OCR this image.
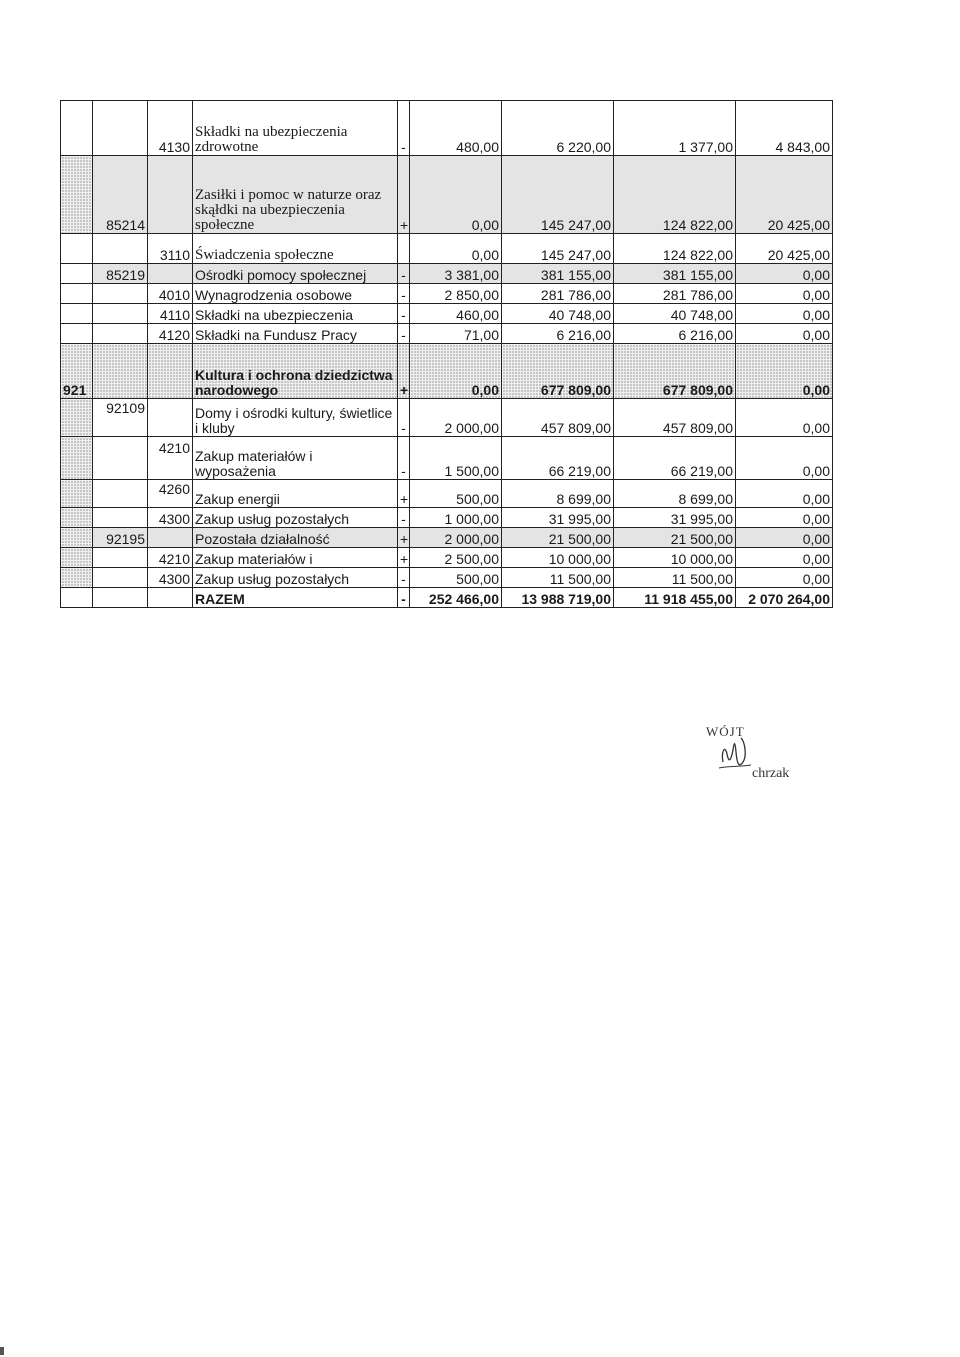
		4130	Składki na ubezpieczenia zdrowotne	-	480,00	6 220,00	1 377,00	4 843,00
	85214		Zasiłki i pomoc w naturze oraz skąłdki na ubezpieczenia społeczne	+	0,00	145 247,00	124 822,00	20 425,00
		3110	Świadczenia społeczne		0,00	145 247,00	124 822,00	20 425,00
	85219		Ośrodki pomocy społecznej	-	3 381,00	381 155,00	381 155,00	0,00
		4010	Wynagrodzenia osobowe	-	2 850,00	281 786,00	281 786,00	0,00
		4110	Składki na ubezpieczenia	-	460,00	40 748,00	40 748,00	0,00
		4120	Składki na Fundusz Pracy	-	71,00	6 216,00	6 216,00	0,00
921			Kultura i ochrona dziedzictwa narodowego	+	0,00	677 809,00	677 809,00	0,00
	92109		Domy i ośrodki kultury, świetlice i kluby	-	2 000,00	457 809,00	457 809,00	0,00
		4210	Zakup materiałów i wyposażenia	-	1 500,00	66 219,00	66 219,00	0,00
		4260	Zakup energii	+	500,00	8 699,00	8 699,00	0,00
		4300	Zakup usług pozostałych	-	1 000,00	31 995,00	31 995,00	0,00
	92195		Pozostała działalność	+	2 000,00	21 500,00	21 500,00	0,00
		4210	Zakup materiałów i	+	2 500,00	10 000,00	10 000,00	0,00
		4300	Zakup usług pozostałych	-	500,00	11 500,00	11 500,00	0,00
			RAZEM	-	252 466,00	13 988 719,00	11 918 455,00	2 070 264,00
WÓJT
chrzak
